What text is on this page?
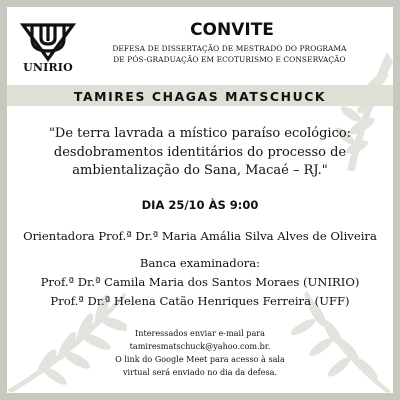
UNIRIO
CONVITE
DEFESA DE DISSERTAÇÃO DE MESTRADO DO PROGRAMA
DE PÓS-GRADUAÇÃO EM ECOTURISMO E CONSERVAÇÃO
TAMIRES CHAGAS MATSCHUCK
"De terra lavrada a místico paraíso ecológico:
desdobramentos identitários do processo de
ambientalização do Sana, Macaé – RJ."
DIA 25/10 ÀS 9:00
Orientadora Prof.ª Dr.ª Maria Amália Silva Alves de Oliveira
Banca examinadora:
Prof.ª Dr.ª Camila Maria dos Santos Moraes (UNIRIO)
Prof.ª Dr.ª Helena Catão Henriques Ferreira (UFF)
Interessados enviar e-mail para
tamiresmatschuck@yahoo.com.br.
O link do Google Meet para acesso à sala
virtual será enviado no dia da defesa.
